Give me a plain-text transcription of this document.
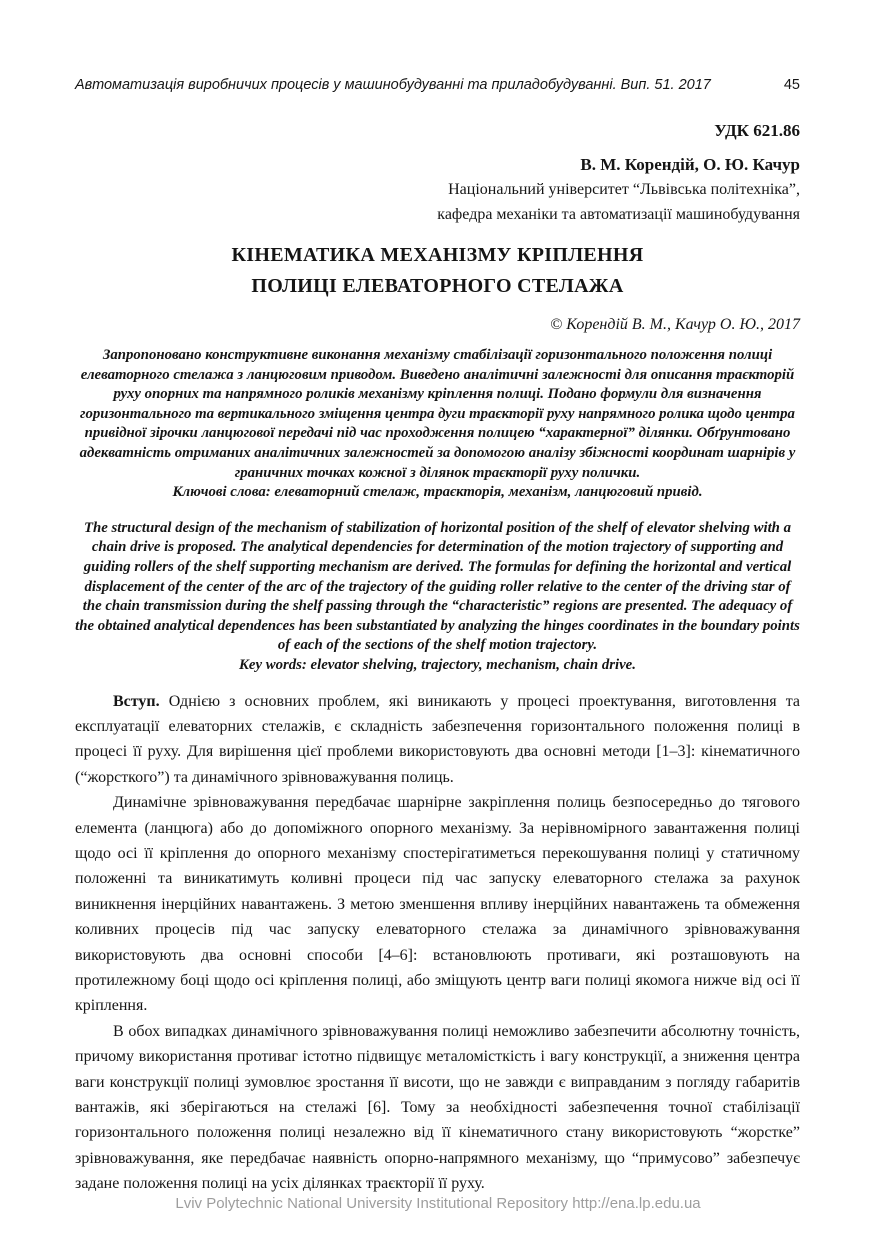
Автоматизація виробничих процесів у машинобудуванні та приладобудуванні. Вип. 51. 2017	45
УДК 621.86
В. М. Корендій, О. Ю. Качур
Національний університет “Львівська політехніка”,
кафедра механіки та автоматизації машинобудування
КІНЕМАТИКА МЕХАНІЗМУ КРІПЛЕННЯ
ПОЛИЦІ ЕЛЕВАТОРНОГО СТЕЛАЖА
© Корендій В. М., Качур О. Ю., 2017
Запропоновано конструктивне виконання механізму стабілізації горизонтального положення полиці елеваторного стелажа з ланцюговим приводом. Виведено аналітичні залежності для описання траєкторій руху опорних та напрямного роликів механізму кріплення полиці. Подано формули для визначення горизонтального та вертикального зміщення центра дуги траєкторії руху напрямного ролика щодо центра привідної зірочки ланцюгової передачі під час проходження полицею “характерної” ділянки. Обґрунтовано адекватність отриманих аналітичних залежностей за допомогою аналізу збіжності координат шарнірів у граничних точках кожної з ділянок траєкторії руху полички.
Ключові слова: елеваторний стелаж, траєкторія, механізм, ланцюговий привід.
The structural design of the mechanism of stabilization of horizontal position of the shelf of elevator shelving with a chain drive is proposed. The analytical dependencies for determination of the motion trajectory of supporting and guiding rollers of the shelf supporting mechanism are derived. The formulas for defining the horizontal and vertical displacement of the center of the arc of the trajectory of the guiding roller relative to the center of the driving star of the chain transmission during the shelf passing through the “characteristic” regions are presented. The adequacy of the obtained analytical dependences has been substantiated by analyzing the hinges coordinates in the boundary points of each of the sections of the shelf motion trajectory.
Key words: elevator shelving, trajectory, mechanism, chain drive.

Вступ. Однією з основних проблем, які виникають у процесі проектування, виготовлення та експлуатації елеваторних стелажів, є складність забезпечення горизонтального положення полиці в процесі її руху. Для вирішення цієї проблеми використовують два основні методи [1–3]: кінематичного (“жорсткого”) та динамічного зрівноважування полиць.

Динамічне зрівноважування передбачає шарнірне закріплення полиць безпосередньо до тягового елемента (ланцюга) або до допоміжного опорного механізму. За нерівномірного завантаження полиці щодо осі її кріплення до опорного механізму спостерігатиметься перекошування полиці у статичному положенні та виникатимуть коливні процеси під час запуску елеваторного стелажа за рахунок виникнення інерційних навантажень. З метою зменшення впливу інерційних навантажень та обмеження коливних процесів під час запуску елеваторного стелажа за динамічного зрівноважування використовують два основні способи [4–6]: встановлюють противаги, які розташовують на протилежному боці щодо осі кріплення полиці, або зміщують центр ваги полиці якомога нижче від осі її кріплення.

В обох випадках динамічного зрівноважування полиці неможливо забезпечити абсолютну точність, причому використання противаг істотно підвищує металомісткість і вагу конструкції, а зниження центра ваги конструкції полиці зумовлює зростання її висоти, що не завжди є виправданим з погляду габаритів вантажів, які зберігаються на стелажі [6]. Тому за необхідності забезпечення точної стабілізації горизонтального положення полиці незалежно від її кінематичного стану використовують “жорстке” зрівноважування, яке передбачає наявність опорно-напрямного механізму, що “примусово” забезпечує задане положення полиці на усіх ділянках траєкторії її руху.

Lviv Polytechnic National University Institutional Repository http://ena.lp.edu.ua
